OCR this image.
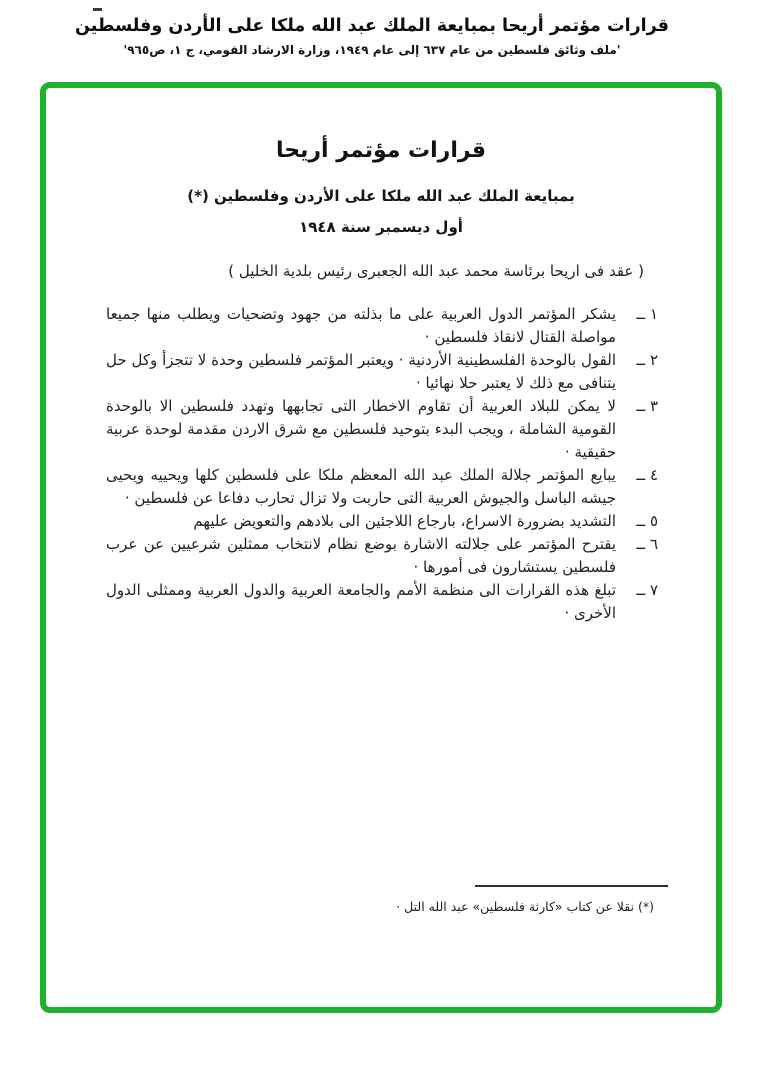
قرارات مؤتمر أريحا بمبايعة الملك عبد الله ملكا على الأردن وفلسطين
'ملف وثائق فلسطين من عام ٦٣٧ إلى عام ١٩٤٩، وزارة الارشاد القومي، ج ١، ص٩٦٥'
قرارات مؤتمر أريحا
بمبايعة الملك عبد الله ملكا على الأردن وفلسطين (*)
أول ديسمبر سنة ١٩٤٨
( عقد فى اريحا برئاسة محمد عبد الله الجعبرى رئيس بلدية الخليل )
١ ــ
يشكر المؤتمر الدول العربية على ما بذلته من جهود وتضحيات ويطلب منها جميعا مواصلة القتال لانقاذ فلسطين ·
٢ ــ
القول بالوحدة الفلسطينية الأردنية · ويعتبر المؤتمر فلسطين وحدة لا تتجزأ وكل حل يتنافى مع ذلك لا يعتبر حلا نهائيا ·
٣ ــ
لا يمكن للبلاد العربية أن تقاوم الاخطار التى تجابهها وتهدد فلسطين الا بالوحدة القومية الشاملة ، ويجب البدء بتوحيد فلسطين مع شرق الاردن مقدمة لوحدة عربية حقيقية ·
٤ ــ
يبايع المؤتمر جلالة الملك عبد الله المعظم ملكا على فلسطين كلها ويحييه ويحيى جيشه الباسل والجيوش العربية التى حاربت ولا تزال تحارب دفاعا عن فلسطين ·
٥ ــ
التشديد بضرورة الاسراع، بارجاع اللاجئين الى بلادهم والتعويض عليهم
٦ ــ
يقترح المؤتمر على جلالته الاشارة بوضع نظام لانتخاب ممثلين شرعيين عن عرب فلسطين يستشارون فى أمورها ·
٧ ــ
تبلغ هذه القرارات الى منظمة الأمم والجامعة العربية والدول العربية وممثلى الدول الأخرى ·
(*) نقلا عن كتاب «كارثة فلسطين» عبد الله التل ·
